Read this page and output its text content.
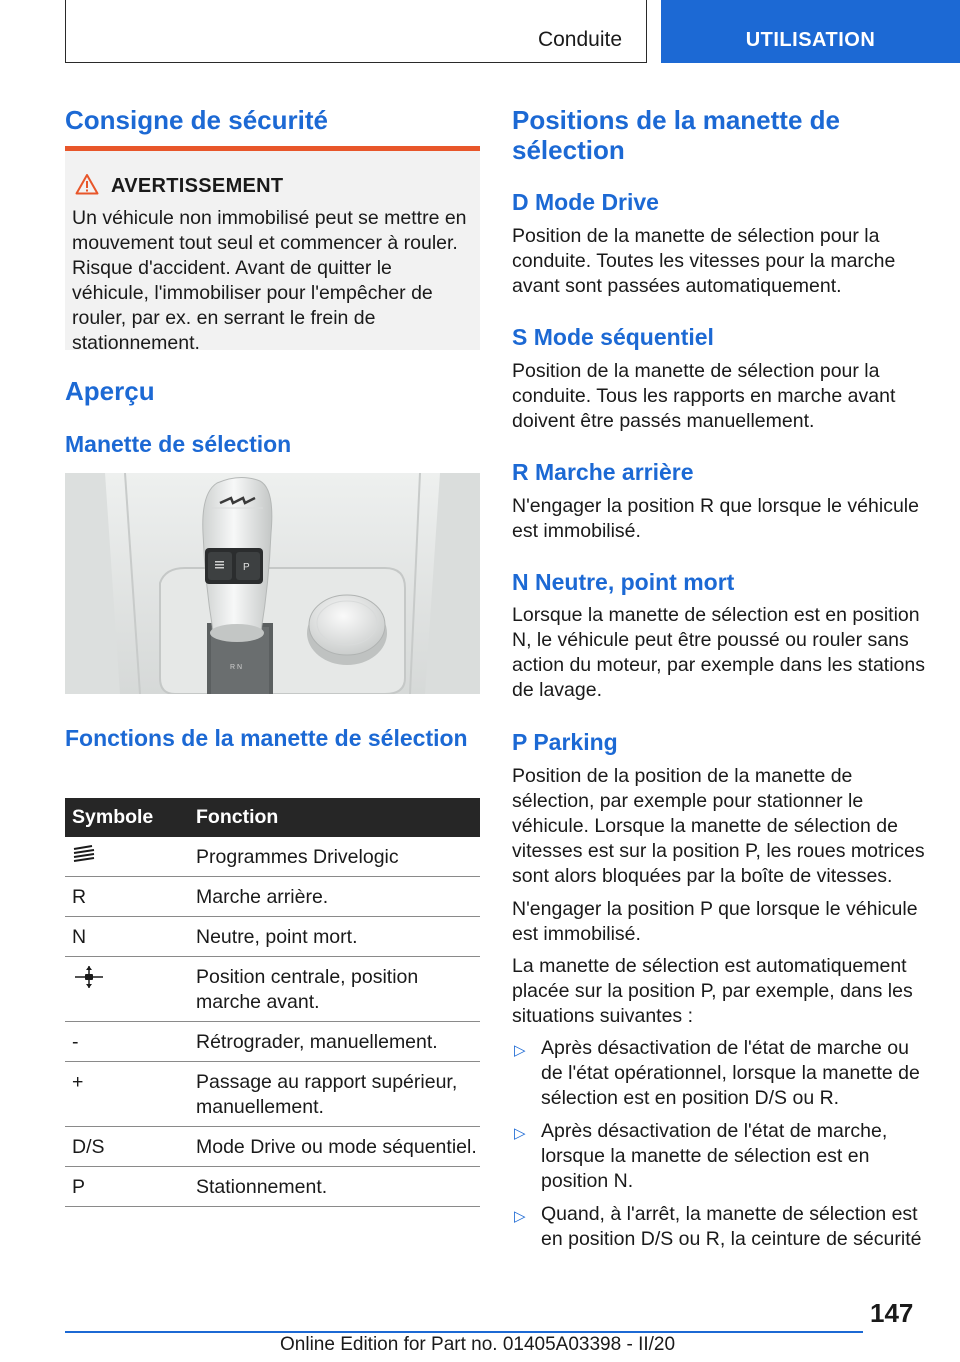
Conduite	UTILISATION
Consigne de sécurité
AVERTISSEMENT
Un véhicule non immobilisé peut se mettre en mouvement tout seul et commencer à rouler. Risque d'accident. Avant de quitter le véhicule, l'immobiliser pour l'empêcher de rouler, par ex. en serrant le frein de stationnement.
Aperçu
Manette de sélection
R N
P
Fonctions de la manette de sélection
Symbole	Fonction
	Programmes Drivelogic
R	Marche arrière.
N	Neutre, point mort.
	Position centrale, position marche avant.
-	Rétrograder, manuellement.
+	Passage au rapport supérieur, manuellement.
D/S	Mode Drive ou mode séquentiel.
P	Stationnement.
Positions de la manette de sélection
D Mode Drive

Position de la manette de sélection pour la conduite. Toutes les vitesses pour la marche avant sont passées automatiquement.

S Mode séquentiel

Position de la manette de sélection pour la conduite. Tous les rapports en marche avant doivent être passés manuellement.

R Marche arrière

N'engager la position R que lorsque le véhicule est immobilisé.

N Neutre, point mort

Lorsque la manette de sélection est en position N, le véhicule peut être poussé ou rouler sans action du moteur, par exemple dans les stations de lavage.

P Parking

Position de la position de la manette de sélection, par exemple pour stationner le véhicule. Lorsque la manette de sélection de vitesses est sur la position P, les roues motrices sont alors bloquées par la boîte de vitesses.

N'engager la position P que lorsque le véhicule est immobilisé.

La manette de sélection est automatiquement placée sur la position P, par exemple, dans les situations suivantes :

▷ Après désactivation de l'état de marche ou de l'état opérationnel, lorsque la manette de sélection est en position D/S ou R.
▷ Après désactivation de l'état de marche, lorsque la manette de sélection est en position N.
▷ Quand, à l'arrêt, la manette de sélection est en position D/S ou R, la ceinture de sécurité
147
Online Edition for Part no. 01405A03398 - II/20
